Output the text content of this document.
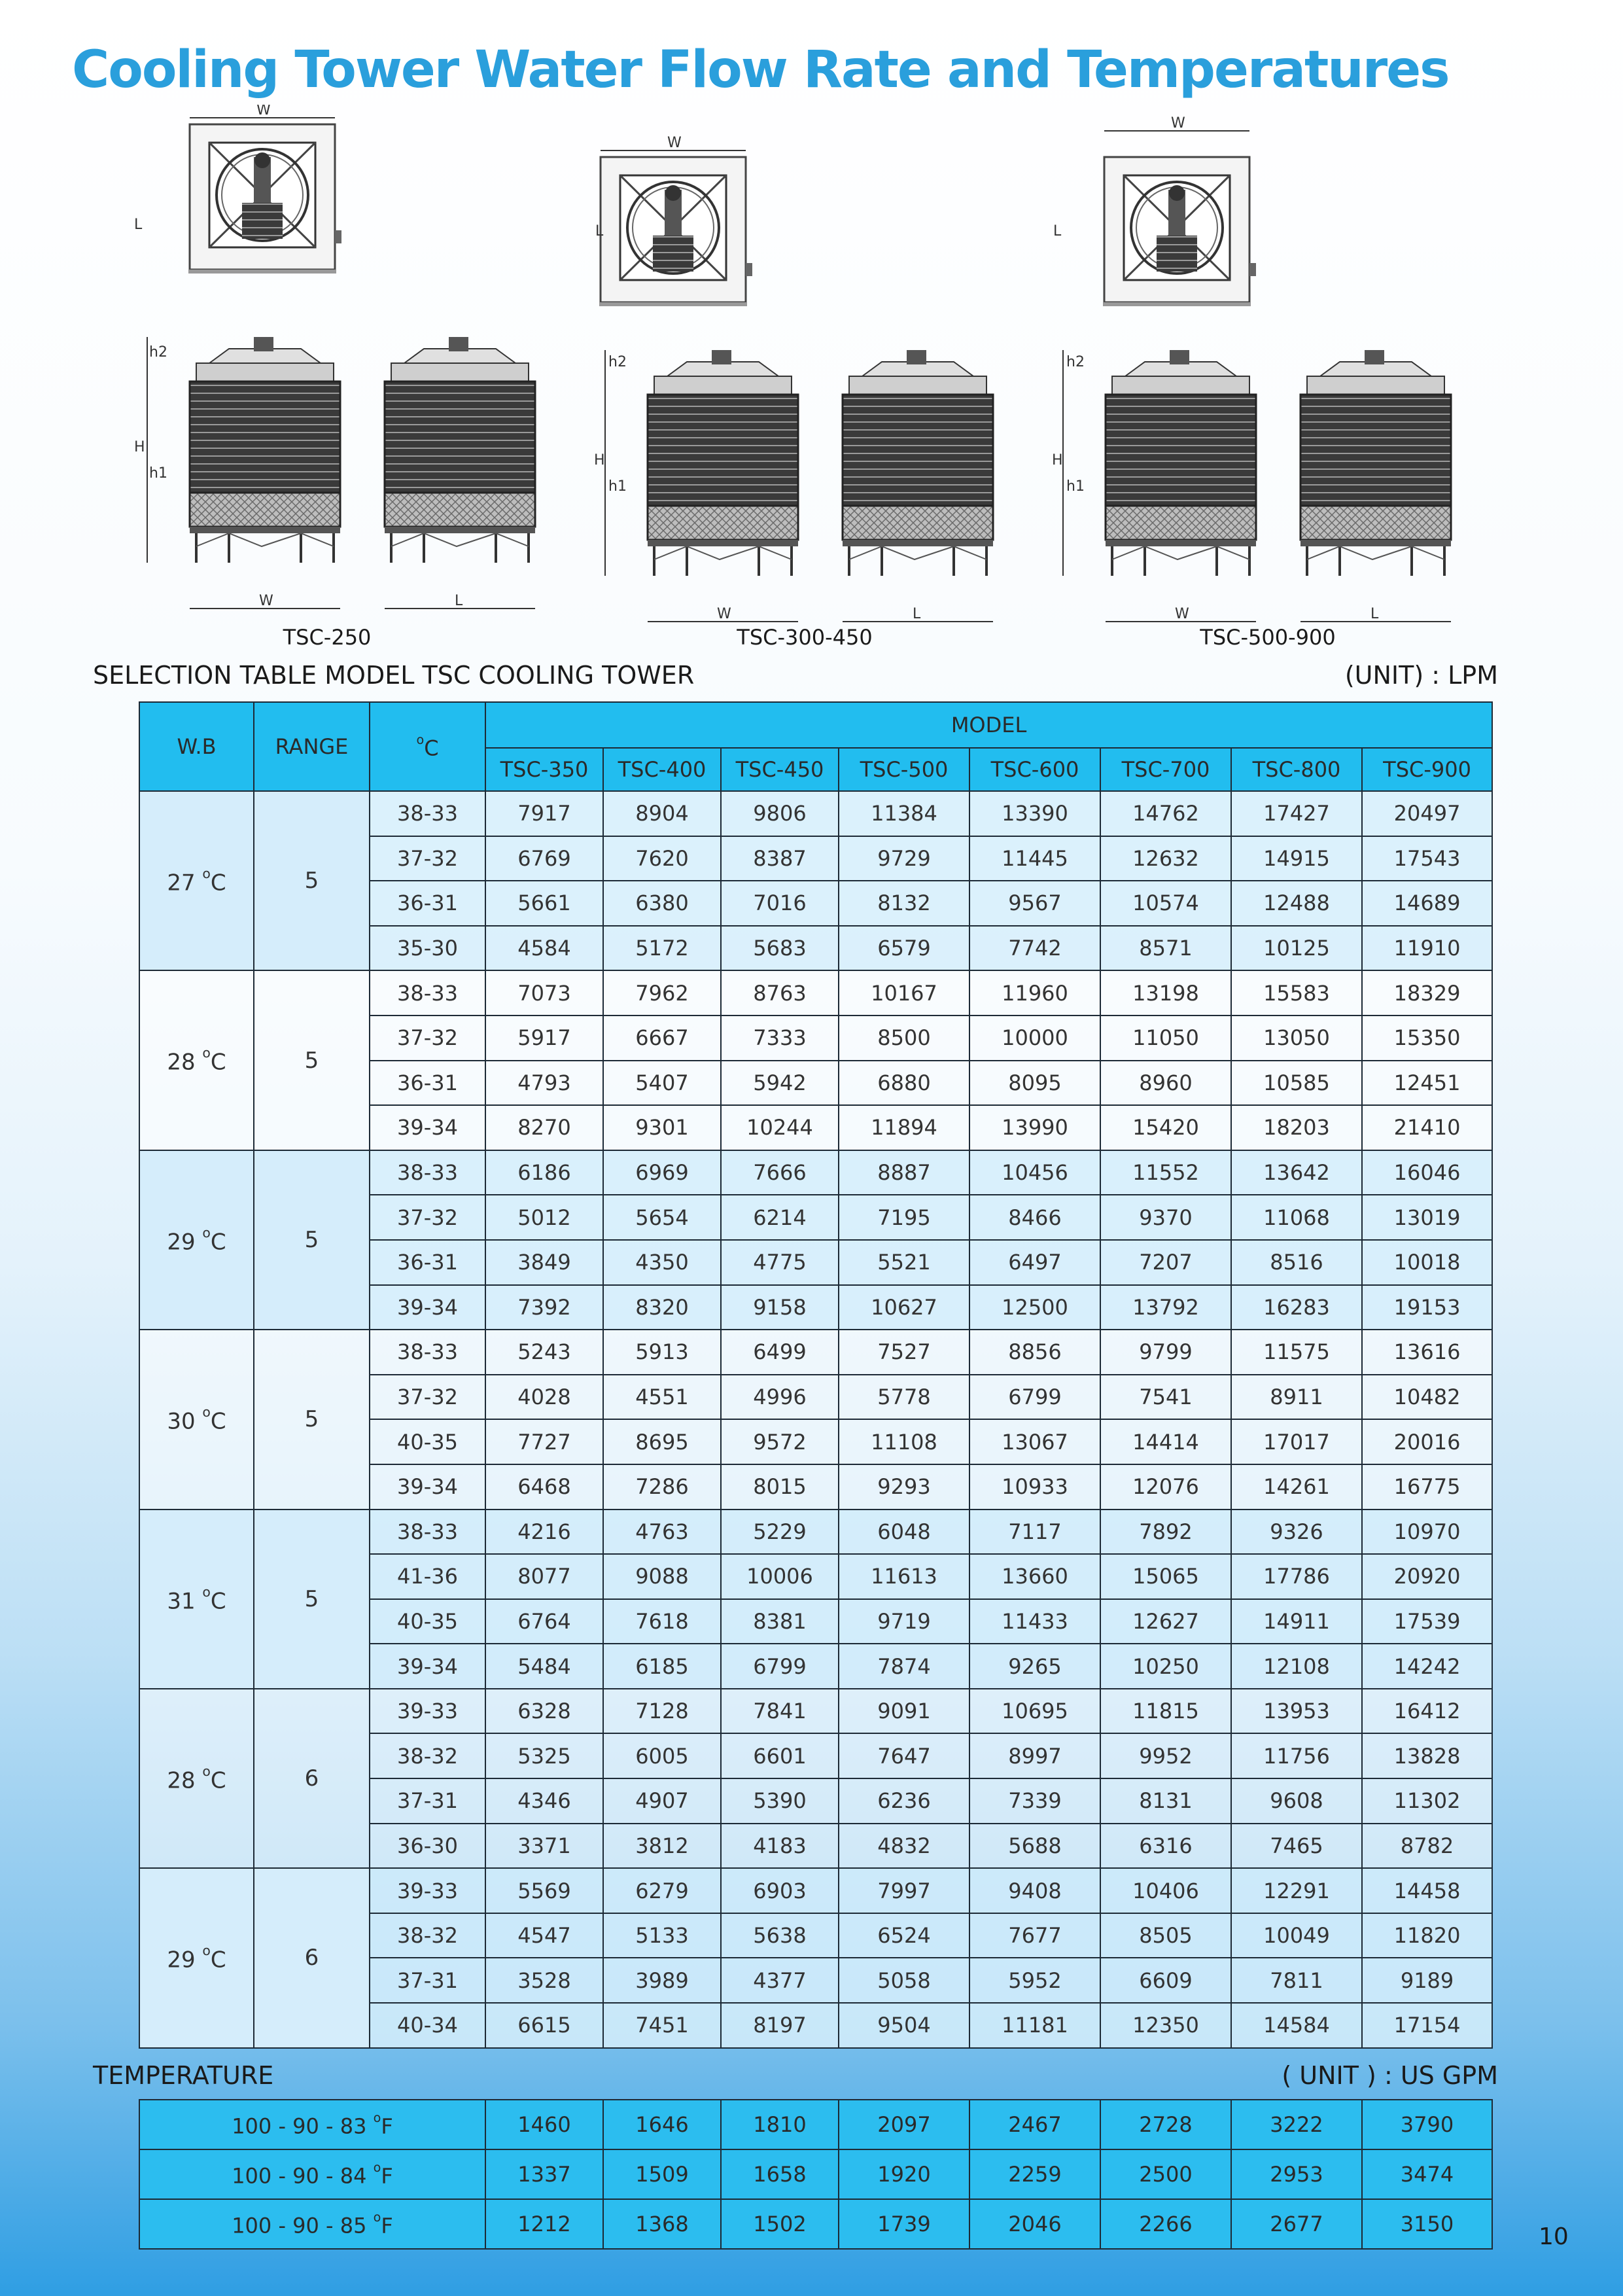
Cooling Tower Water Flow Rate and Temperatures
W
W
W
L	L	L
H
H	H
h2
h2	h2
h1
h1	h1
W	L
W	L	W	L
TSC-250	TSC-300-450	TSC-500-900
SELECTION TABLE MODEL TSC COOLING TOWER	(UNIT) : LPM
W.B	RANGE	$^o$C	MODEL							
			TSC-350	TSC-400	TSC-450	TSC-500	TSC-600	TSC-700	TSC-800	TSC-900
27 $^o$C	5	38-33	7917	8904	9806	11384	13390	14762	17427	20497
		37-32	6769	7620	8387	9729	11445	12632	14915	17543
		36-31	5661	6380	7016	8132	9567	10574	12488	14689
		35-30	4584	5172	5683	6579	7742	8571	10125	11910
28 $^o$C	5	38-33	7073	7962	8763	10167	11960	13198	15583	18329
		37-32	5917	6667	7333	8500	10000	11050	13050	15350
		36-31	4793	5407	5942	6880	8095	8960	10585	12451
		39-34	8270	9301	10244	11894	13990	15420	18203	21410
29 $^o$C	5	38-33	6186	6969	7666	8887	10456	11552	13642	16046
		37-32	5012	5654	6214	7195	8466	9370	11068	13019
		36-31	3849	4350	4775	5521	6497	7207	8516	10018
		39-34	7392	8320	9158	10627	12500	13792	16283	19153
30 $^o$C	5	38-33	5243	5913	6499	7527	8856	9799	11575	13616
		37-32	4028	4551	4996	5778	6799	7541	8911	10482
		40-35	7727	8695	9572	11108	13067	14414	17017	20016
		39-34	6468	7286	8015	9293	10933	12076	14261	16775
31 $^o$C	5	38-33	4216	4763	5229	6048	7117	7892	9326	10970
		41-36	8077	9088	10006	11613	13660	15065	17786	20920
		40-35	6764	7618	8381	9719	11433	12627	14911	17539
		39-34	5484	6185	6799	7874	9265	10250	12108	14242
28 $^o$C	6	39-33	6328	7128	7841	9091	10695	11815	13953	16412
		38-32	5325	6005	6601	7647	8997	9952	11756	13828
		37-31	4346	4907	5390	6236	7339	8131	9608	11302
		36-30	3371	3812	4183	4832	5688	6316	7465	8782
29 $^o$C	6	39-33	5569	6279	6903	7997	9408	10406	12291	14458
		38-32	4547	5133	5638	6524	7677	8505	10049	11820
		37-31	3528	3989	4377	5058	5952	6609	7811	9189
		40-34	6615	7451	8197	9504	11181	12350	14584	17154
TEMPERATURE	( UNIT ) : US GPM
100 - 90 - 83 $^o$F	1460	1646	1810	2097	2467	2728	3222	3790
100 - 90 - 84 $^o$F	1337	1509	1658	1920	2259	2500	2953	3474
100 - 90 - 85 $^o$F	1212	1368	1502	1739	2046	2266	2677	3150	10
